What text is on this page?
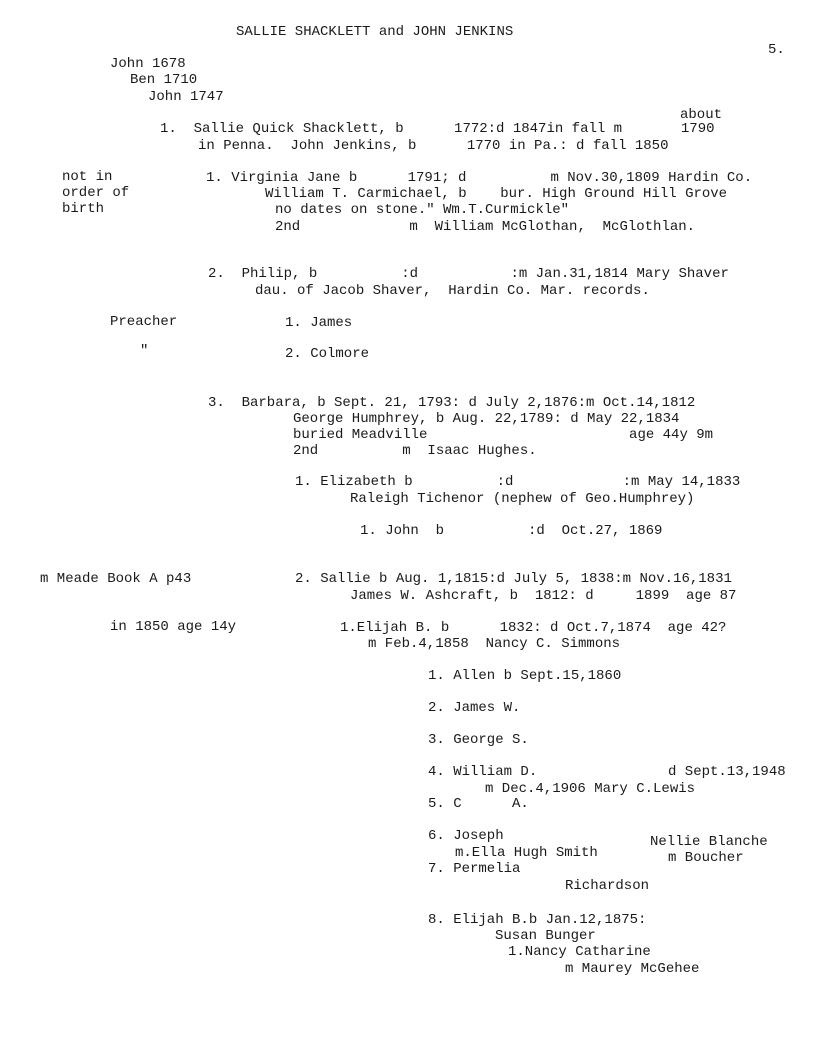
SALLIE SHACKLETT and JOHN JENKINS
5.
John 1678
Ben 1710
John 1747
about
1.  Sallie Quick Shacklett, b      1772:d 1847in fall m       1790
in Penna.  John Jenkins, b      1770 in Pa.: d fall 1850
not in
order of
birth
1. Virginia Jane b      1791; d          m Nov.30,1809 Hardin Co.
William T. Carmichael, b    bur. High Ground Hill Grove
no dates on stone." Wm.T.Curmickle"
2nd             m  William McGlothan,  McGlothlan.
2.  Philip, b          :d           :m Jan.31,1814 Mary Shaver
dau. of Jacob Shaver,  Hardin Co. Mar. records.
Preacher	1. James
"	2. Colmore
3.  Barbara, b Sept. 21, 1793: d July 2,1876:m Oct.14,1812
George Humphrey, b Aug. 22,1789: d May 22,1834
buried Meadville                        age 44y 9m
2nd          m  Isaac Hughes.
1. Elizabeth b          :d             :m May 14,1833
Raleigh Tichenor (nephew of Geo.Humphrey)
1. John  b          :d  Oct.27, 1869
m Meade Book A p43	2. Sallie b Aug. 1,1815:d July 5, 1838:m Nov.16,1831
James W. Ashcraft, b  1812: d     1899  age 87
in 1850 age 14y	1.Elijah B. b      1832: d Oct.7,1874  age 42?
m Feb.4,1858  Nancy C. Simmons
1. Allen b Sept.15,1860
2. James W.
3. George S.
4. William D.	d Sept.13,1948
m Dec.4,1906 Mary C.Lewis
5. C      A.
6. Joseph	Nellie Blanche
m.Ella Hugh Smith	m Boucher
7. Permelia
Richardson
8. Elijah B.b Jan.12,1875:
Susan Bunger
1.Nancy Catharine
m Maurey McGehee
